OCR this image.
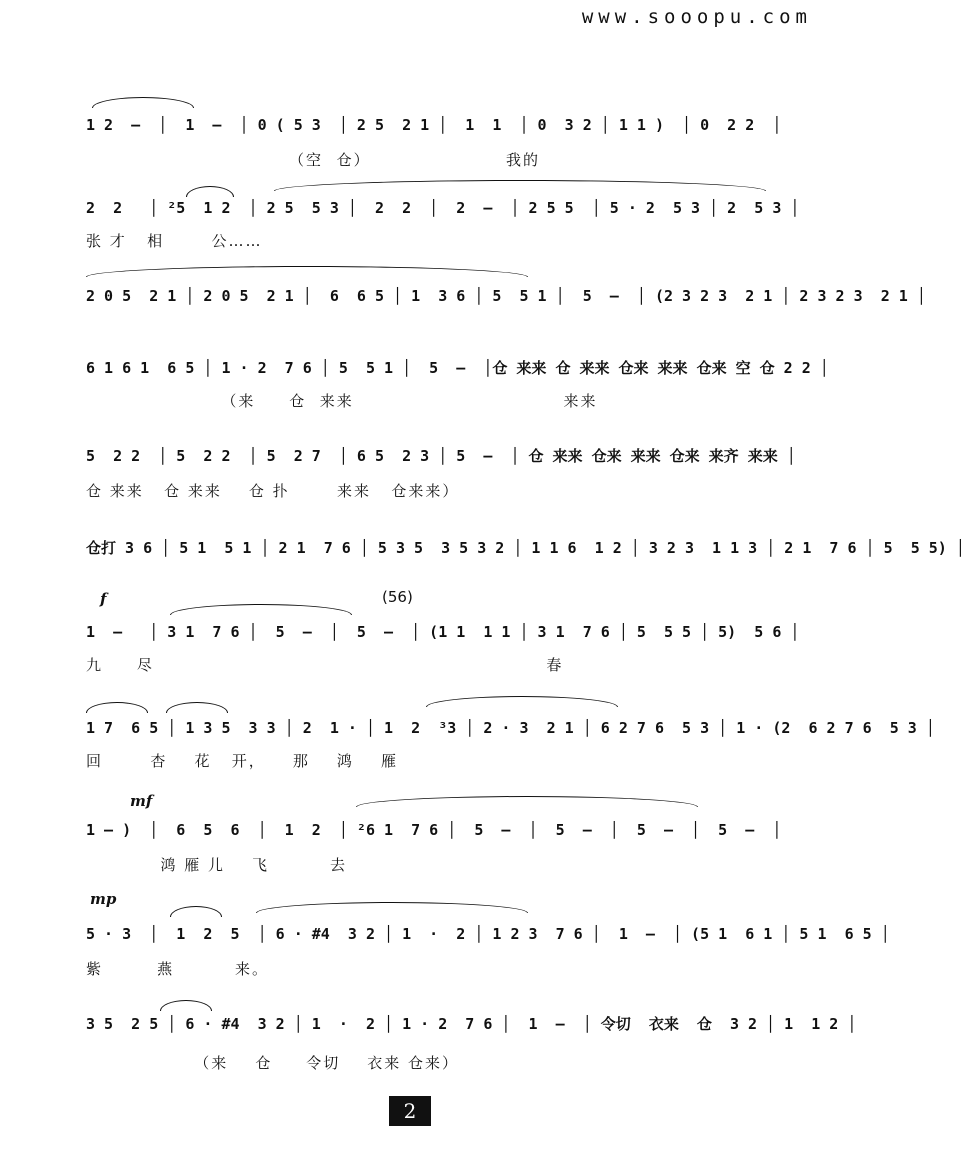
www.sooopu.com
1 2  –  │  1  –  │ 0 ( 5 3  │ 2 5  2 1 │  1  1  │ 0  3 2 │ 1 1 )  │ 0  2 2  │
（空  仓）                    我的
2  2   │ ²5  1 2  │ 2 5  5 3 │  2  2  │  2  –  │ 2 5 5  │ 5 · 2  5 3 │ 2  5 3 │
张 才   相       公……
2 0 5  2 1 │ 2 0 5  2 1 │  6  6 5 │ 1  3 6 │ 5  5 1 │  5  –  │ (2 3 2 3  2 1 │ 2 3 2 3  2 1 │
6 1 6 1  6 5 │ 1 · 2  7 6 │ 5  5 1 │  5  –  │仓 来来 仓 来来 仓来 来来 仓来 空 仓 2 2 │
（来     仓  来来                               来来
5  2 2  │ 5  2 2  │ 5  2 7  │ 6 5  2 3 │ 5  –  │ 仓 来来 仓来 来来 仓来 来齐 来来 │
仓 来来   仓 来来    仓 扑       来来   仓来来）
仓打 3 6 │ 5 1  5 1 │ 2 1  7 6 │ 5 3 5  3 5 3 2 │ 1 1 6  1 2 │ 3 2 3  1 1 3 │ 2 1  7 6 │ 5  5 5) │
f	(56)
1  –   │ 3 1  7 6 │  5  –  │  5  –  │ (1 1  1 1 │ 3 1  7 6 │ 5  5 5 │ 5)  5 6 │
九     尽                                                          春
1 7  6 5 │ 1 3 5  3 3 │ 2  1 · │ 1  2  ³3 │ 2 · 3  2 1 │ 6 2 7 6  5 3 │ 1 · (2  6 2 7 6  5 3 │
回       杏    花   开，    那    鸿    雁
mf
1 – )  │  6  5  6  │  1  2  │ ²6 1  7 6 │  5  –  │  5  –  │  5  –  │  5  –  │
鸿 雁 儿    飞         去
mp
5 · 3  │  1  2  5  │ 6 · #4  3 2 │ 1  ·  2 │ 1 2 3  7 6 │  1  –  │ (5 1  6 1 │ 5 1  6 5 │
紫        燕         来。
3 5  2 5 │ 6 · #4  3 2 │ 1  ·  2 │ 1 · 2  7 6 │  1  –  │ 令切  衣来  仓  3 2 │ 1  1 2 │
（来    仓     令切    衣来 仓来）
2
